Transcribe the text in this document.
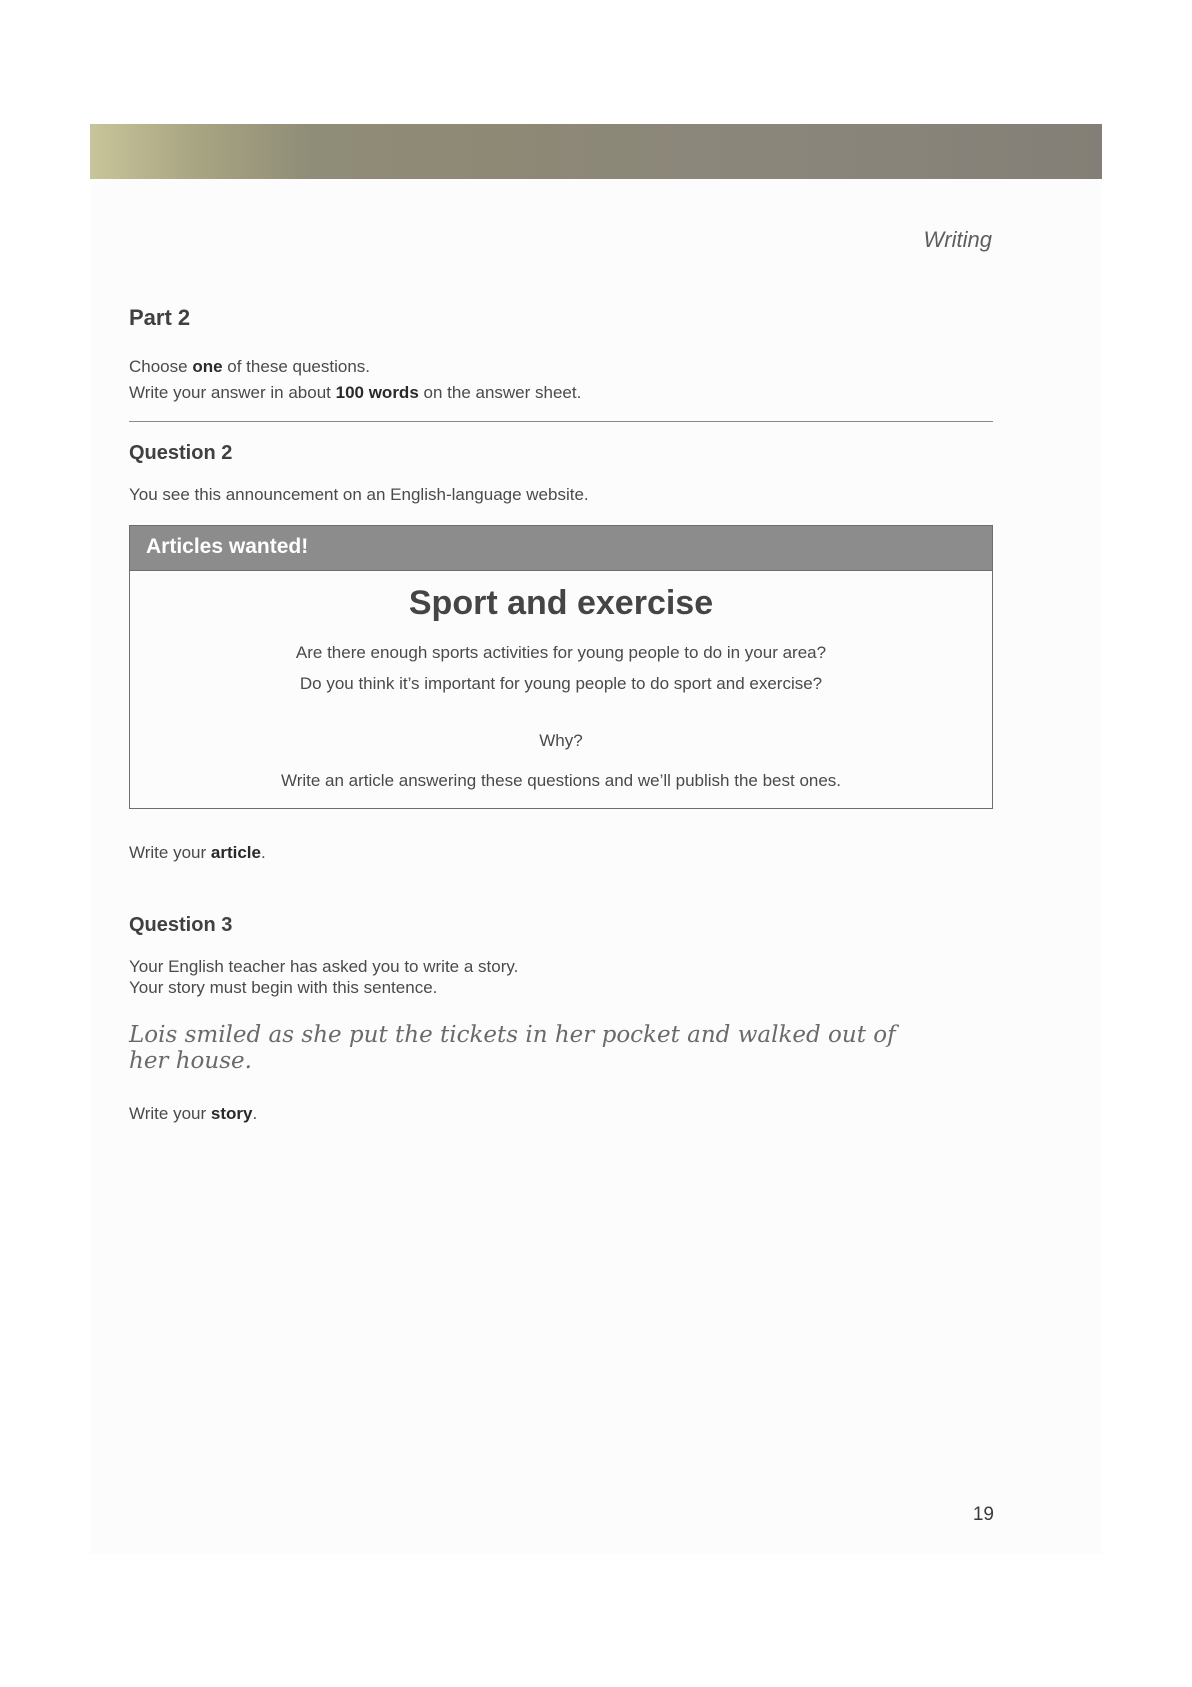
Writing
Part 2
Choose one of these questions.
Write your answer in about 100 words on the answer sheet.
Question 2
You see this announcement on an English-language website.
Articles wanted!
Sport and exercise
Are there enough sports activities for young people to do in your area?
Do you think it’s important for young people to do sport and exercise?
Why?
Write an article answering these questions and we’ll publish the best ones.
Write your article.
Question 3
Your English teacher has asked you to write a story.
Your story must begin with this sentence.
Lois smiled as she put the tickets in her pocket and walked out of her house.
Write your story.
19
